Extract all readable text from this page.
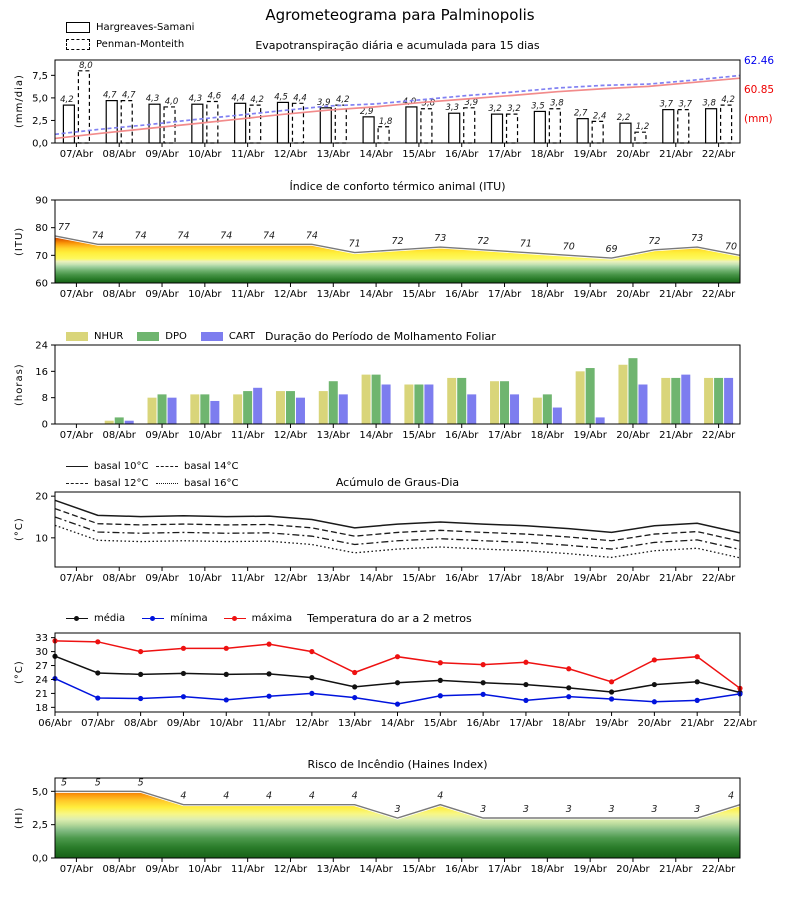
Agrometeograma para Palminopolis
Hargreaves-Samani
Penman-Monteith	Evapotranspiração diária e acumulada para 15 dias
(mm/dia)
62.46
60.85
(mm)
4,2	4,7	4,3	4,3	4,4	4,5
3,9
2,9
4,0
3,3	3,2	3,5
2,7	2,2
3,7	3,8
8,0
4,7
4,0
4,6	4,2	4,4	4,2
1,8
3,8	3,9
3,2
3,8
2,4
1,2
3,7	4,2
0,0
2,5
5,0
7,5
07/Abr 08/Abr 09/Abr 10/Abr 11/Abr 12/Abr 13/Abr 14/Abr 15/Abr 16/Abr 17/Abr 18/Abr 19/Abr 20/Abr 21/Abr 22/Abr
Índice de conforto térmico animal (ITU)
(ITU)	77
74	74	74	74	74	74
71	72	73	72	71	70	69
72	73
70
60
70
80
90
07/Abr 08/Abr 09/Abr 10/Abr 11/Abr 12/Abr 13/Abr 14/Abr 15/Abr 16/Abr 17/Abr 18/Abr 19/Abr 20/Abr 21/Abr 22/Abr
NHUR	DPO	CART Duração do Período de Molhamento Foliar
(horas)
0
8
16
24
07/Abr 08/Abr 09/Abr 10/Abr 11/Abr 12/Abr 13/Abr 14/Abr 15/Abr 16/Abr 17/Abr 18/Abr 19/Abr 20/Abr 21/Abr 22/Abr
basal 10°C	basal 14°C
basal 12°C	basal 16°C	Acúmulo de Graus-Dia
(°C) 10
20
07/Abr 08/Abr 09/Abr 10/Abr 11/Abr 12/Abr 13/Abr 14/Abr 15/Abr 16/Abr 17/Abr 18/Abr 19/Abr 20/Abr 21/Abr 22/Abr
média	mínima	máxima Temperatura do ar a 2 metros
(°C)
18
21
24
27
30
33
06/Abr 07/Abr 08/Abr 09/Abr 10/Abr 11/Abr 12/Abr 13/Abr 14/Abr 15/Abr 16/Abr 17/Abr 18/Abr 19/Abr 20/Abr 21/Abr 22/Abr
Risco de Incêndio (Haines Index)
(HI)
5	5	5
4	4	4	4	4
3
4
3	3	3	3	3	3
4
0,0
2,5
5,0
07/Abr 08/Abr 09/Abr 10/Abr 11/Abr 12/Abr 13/Abr 14/Abr 15/Abr 16/Abr 17/Abr 18/Abr 19/Abr 20/Abr 21/Abr 22/Abr
